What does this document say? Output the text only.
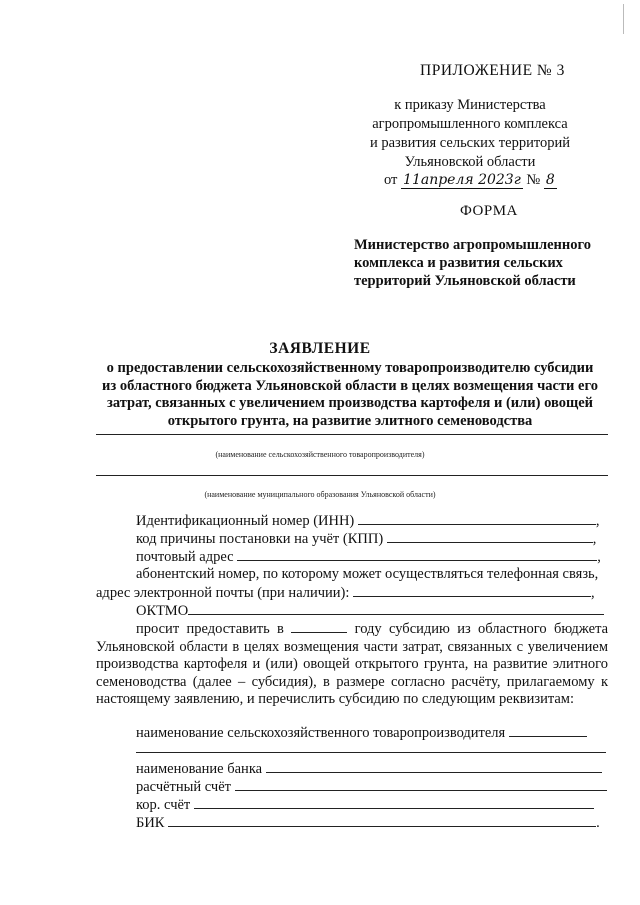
ПРИЛОЖЕНИЕ № 3
к приказу Министерства
агропромышленного комплекса
и развития сельских территорий
Ульяновской области
от 11апреля 2023г № 8
ФОРМА
Министерство агропромышленного комплекса и развития сельских территорий Ульяновской области
ЗАЯВЛЕНИЕ
о предоставлении сельскохозяйственному товаропроизводителю субсидии из областного бюджета Ульяновской области в целях возмещения части его затрат, связанных с увеличением производства картофеля и (или) овощей открытого грунта, на развитие элитного семеноводства
(наименование сельскохозяйственного товаропроизводителя)
(наименование муниципального образования Ульяновской области)
Идентификационный номер (ИНН)	,
код причины постановки на учёт (КПП)	,
почтовый адрес	,
абонентский номер, по которому может осуществляться телефонная связь,
адрес электронной почты (при наличии):	,
ОКТМО
просит предоставить в	году субсидию из областного бюджета Ульяновской области в целях возмещения части затрат, связанных с увеличением производства картофеля и (или) овощей открытого грунта, на развитие элитного семеноводства (далее – субсидия), в размере согласно расчёту, прилагаемому к настоящему заявлению, и перечислить субсидию по следующим реквизитам:
наименование сельскохозяйственного товаропроизводителя
наименование банка
расчётный счёт
кор. счёт
БИК	.
